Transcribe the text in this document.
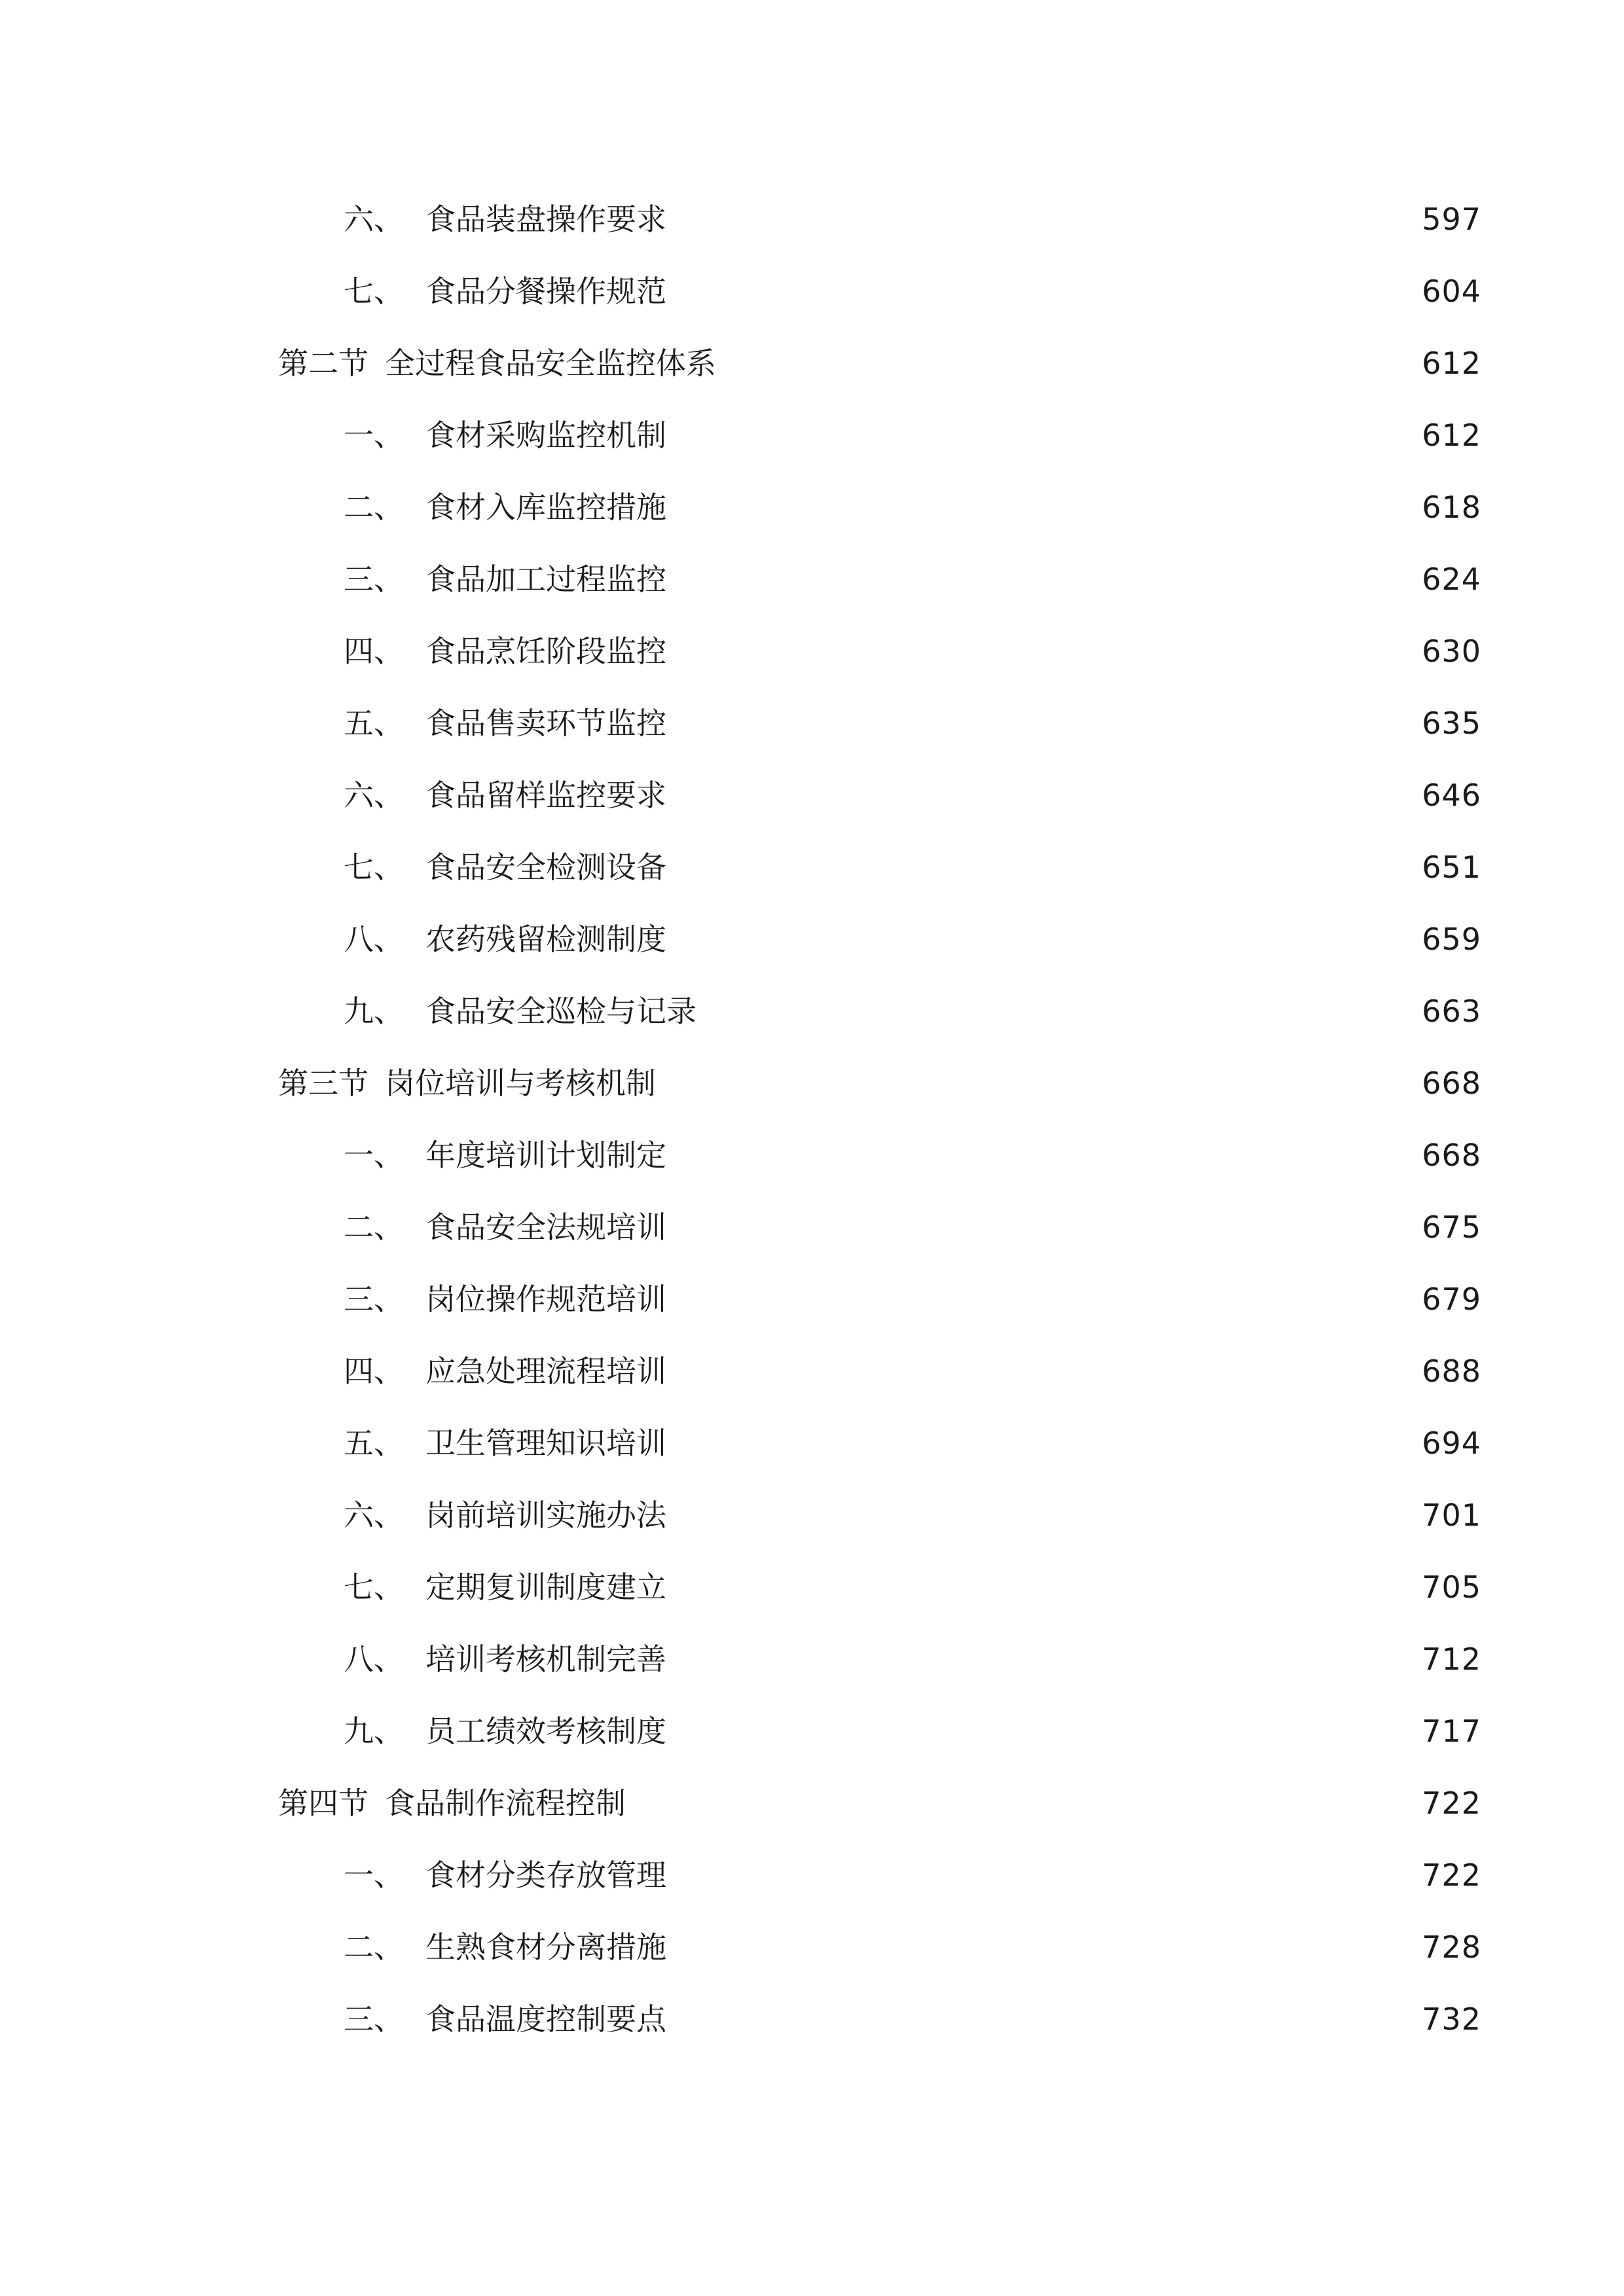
六、 食品装盘操作要求	597
七、 食品分餐操作规范	604
第二节 全过程食品安全监控体系	612
一、 食材采购监控机制	612
二、 食材入库监控措施	618
三、 食品加工过程监控	624
四、 食品烹饪阶段监控	630
五、 食品售卖环节监控	635
六、 食品留样监控要求	646
七、 食品安全检测设备	651
八、 农药残留检测制度	659
九、 食品安全巡检与记录	663
第三节 岗位培训与考核机制	668
一、 年度培训计划制定	668
二、 食品安全法规培训	675
三、 岗位操作规范培训	679
四、 应急处理流程培训	688
五、 卫生管理知识培训	694
六、 岗前培训实施办法	701
七、 定期复训制度建立	705
八、 培训考核机制完善	712
九、 员工绩效考核制度	717
第四节 食品制作流程控制	722
一、 食材分类存放管理	722
二、 生熟食材分离措施	728
三、 食品温度控制要点	732
